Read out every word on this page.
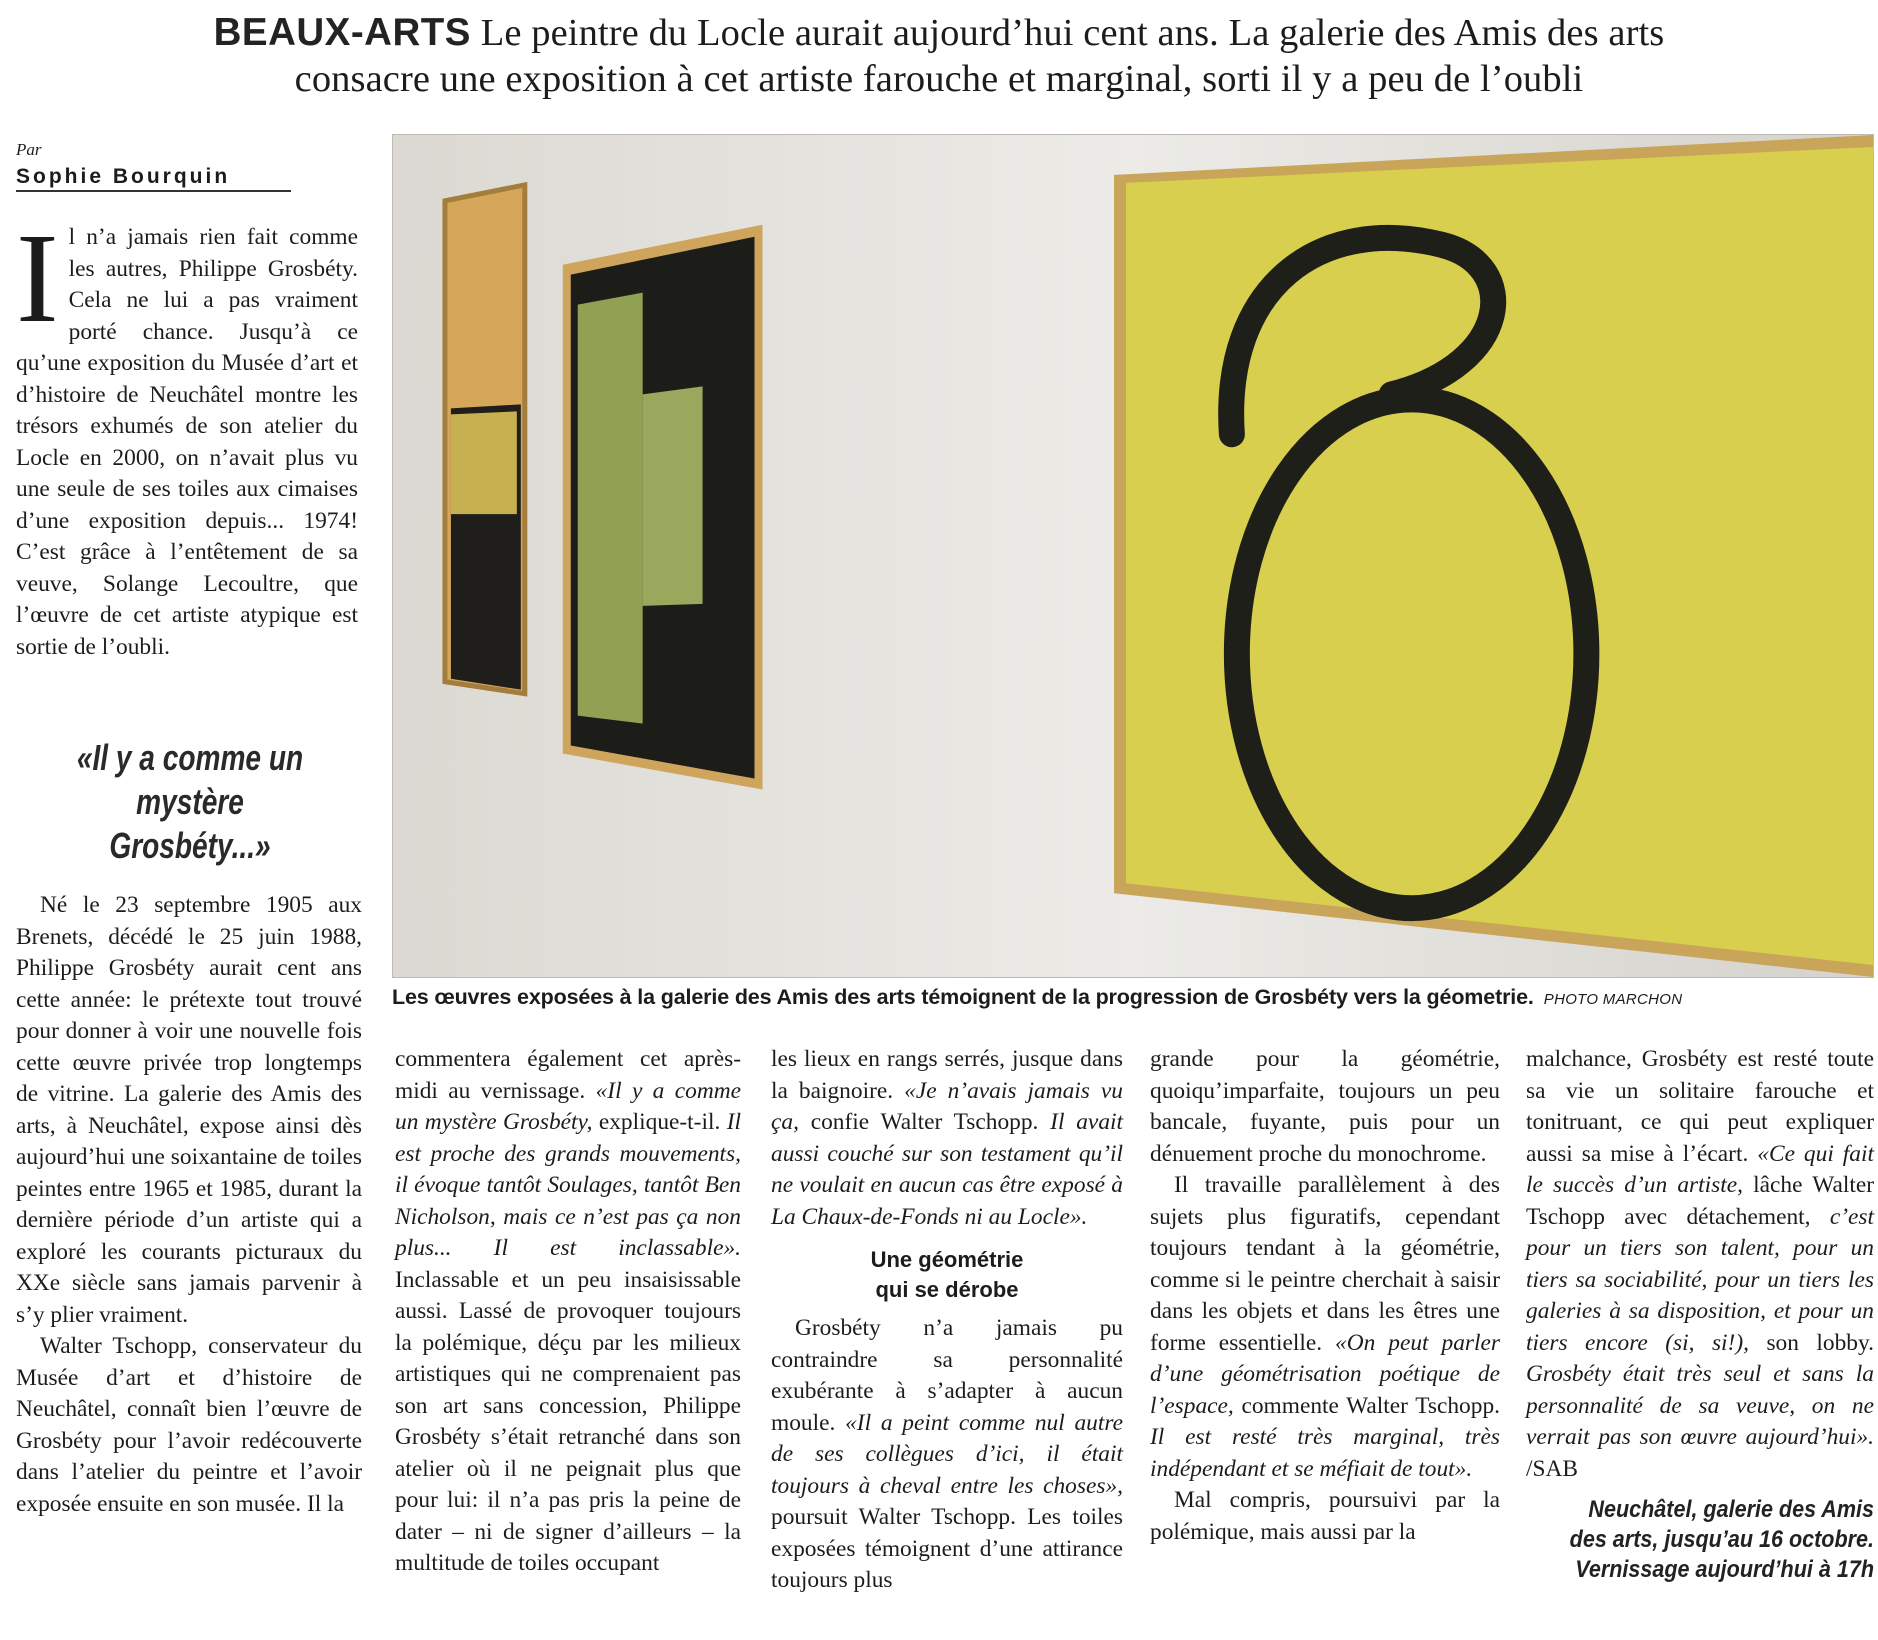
BEAUX-ARTS Le peintre du Locle aurait aujourd’hui cent ans. La galerie des Amis des arts
consacre une exposition à cet artiste farouche et marginal, sorti il y a peu de l’oubli
Par
Sophie Bourquin

Il n’a jamais rien fait comme les autres, Philippe Grosbéty. Cela ne lui a pas vraiment porté chance. Jusqu’à ce qu’une exposition du Musée d’art et d’histoire de Neuchâtel montre les trésors exhumés de son atelier du Locle en 2000, on n’avait plus vu une seule de ses toiles aux cimaises d’une exposition depuis... 1974! C’est grâce à l’entêtement de sa veuve, Solange Lecoultre, que l’œuvre de cet artiste atypique est sortie de l’oubli.

«Il y a comme un mystère Grosbéty...»

Né le 23 septembre 1905 aux Brenets, décédé le 25 juin 1988, Philippe Grosbéty aurait cent ans cette année: le prétexte tout trouvé pour donner à voir une nouvelle fois cette œuvre privée trop longtemps de vitrine. La galerie des Amis des arts, à Neuchâtel, expose ainsi dès aujourd’hui une soixantaine de toiles peintes entre 1965 et 1985, durant la dernière période d’un artiste qui a exploré les courants picturaux du XXe siècle sans jamais parvenir à s’y plier vraiment.

Walter Tschopp, conservateur du Musée d’art et d’histoire de Neuchâtel, connaît bien l’œuvre de Grosbéty pour l’avoir redécouverte dans l’atelier du peintre et l’avoir exposée ensuite en son musée. Il la

Les œuvres exposées à la galerie des Amis des arts témoignent de la progression de Grosbéty vers la géometrie. PHOTO MARCHON

commentera également cet après-midi au vernissage. «Il y a comme un mystère Grosbéty, explique-t-il. Il est proche des grands mouvements, il évoque tantôt Soulages, tantôt Ben Nicholson, mais ce n’est pas ça non plus... Il est inclassable». Inclassable et un peu insaisissable aussi. Lassé de provoquer toujours la polémique, déçu par les milieux artistiques qui ne comprenaient pas son art sans concession, Philippe Grosbéty s’était retranché dans son atelier où il ne peignait plus que pour lui: il n’a pas pris la peine de dater – ni de signer d’ailleurs – la multitude de toiles occupant

les lieux en rangs serrés, jusque dans la baignoire. «Je n’avais jamais vu ça, confie Walter Tschopp. Il avait aussi couché sur son testament qu’il ne voulait en aucun cas être exposé à La Chaux-de-Fonds ni au Locle».

Une géométrie
qui se dérobe

Grosbéty n’a jamais pu contraindre sa personnalité exubérante à s’adapter à aucun moule. «Il a peint comme nul autre de ses collègues d’ici, il était toujours à cheval entre les choses», poursuit Walter Tschopp. Les toiles exposées témoignent d’une attirance toujours plus

grande pour la géométrie, quoiqu’imparfaite, toujours un peu bancale, fuyante, puis pour un dénuement proche du monochrome.

Il travaille parallèlement à des sujets plus figuratifs, cependant toujours tendant à la géométrie, comme si le peintre cherchait à saisir dans les objets et dans les êtres une forme essentielle. «On peut parler d’une géométrisation poétique de l’espace, commente Walter Tschopp. Il est resté très marginal, très indépendant et se méfiait de tout».

Mal compris, poursuivi par la polémique, mais aussi par la

malchance, Grosbéty est resté toute sa vie un solitaire farouche et tonitruant, ce qui peut expliquer aussi sa mise à l’écart. «Ce qui fait le succès d’un artiste, lâche Walter Tschopp avec détachement, c’est pour un tiers son talent, pour un tiers sa sociabilité, pour un tiers les galeries à sa disposition, et pour un tiers encore (si, si!), son lobby. Grosbéty était très seul et sans la personnalité de sa veuve, on ne verrait pas son œuvre aujourd’hui». /SAB

Neuchâtel, galerie des Amis des arts, jusqu’au 16 octobre. Vernissage aujourd’hui à 17h
